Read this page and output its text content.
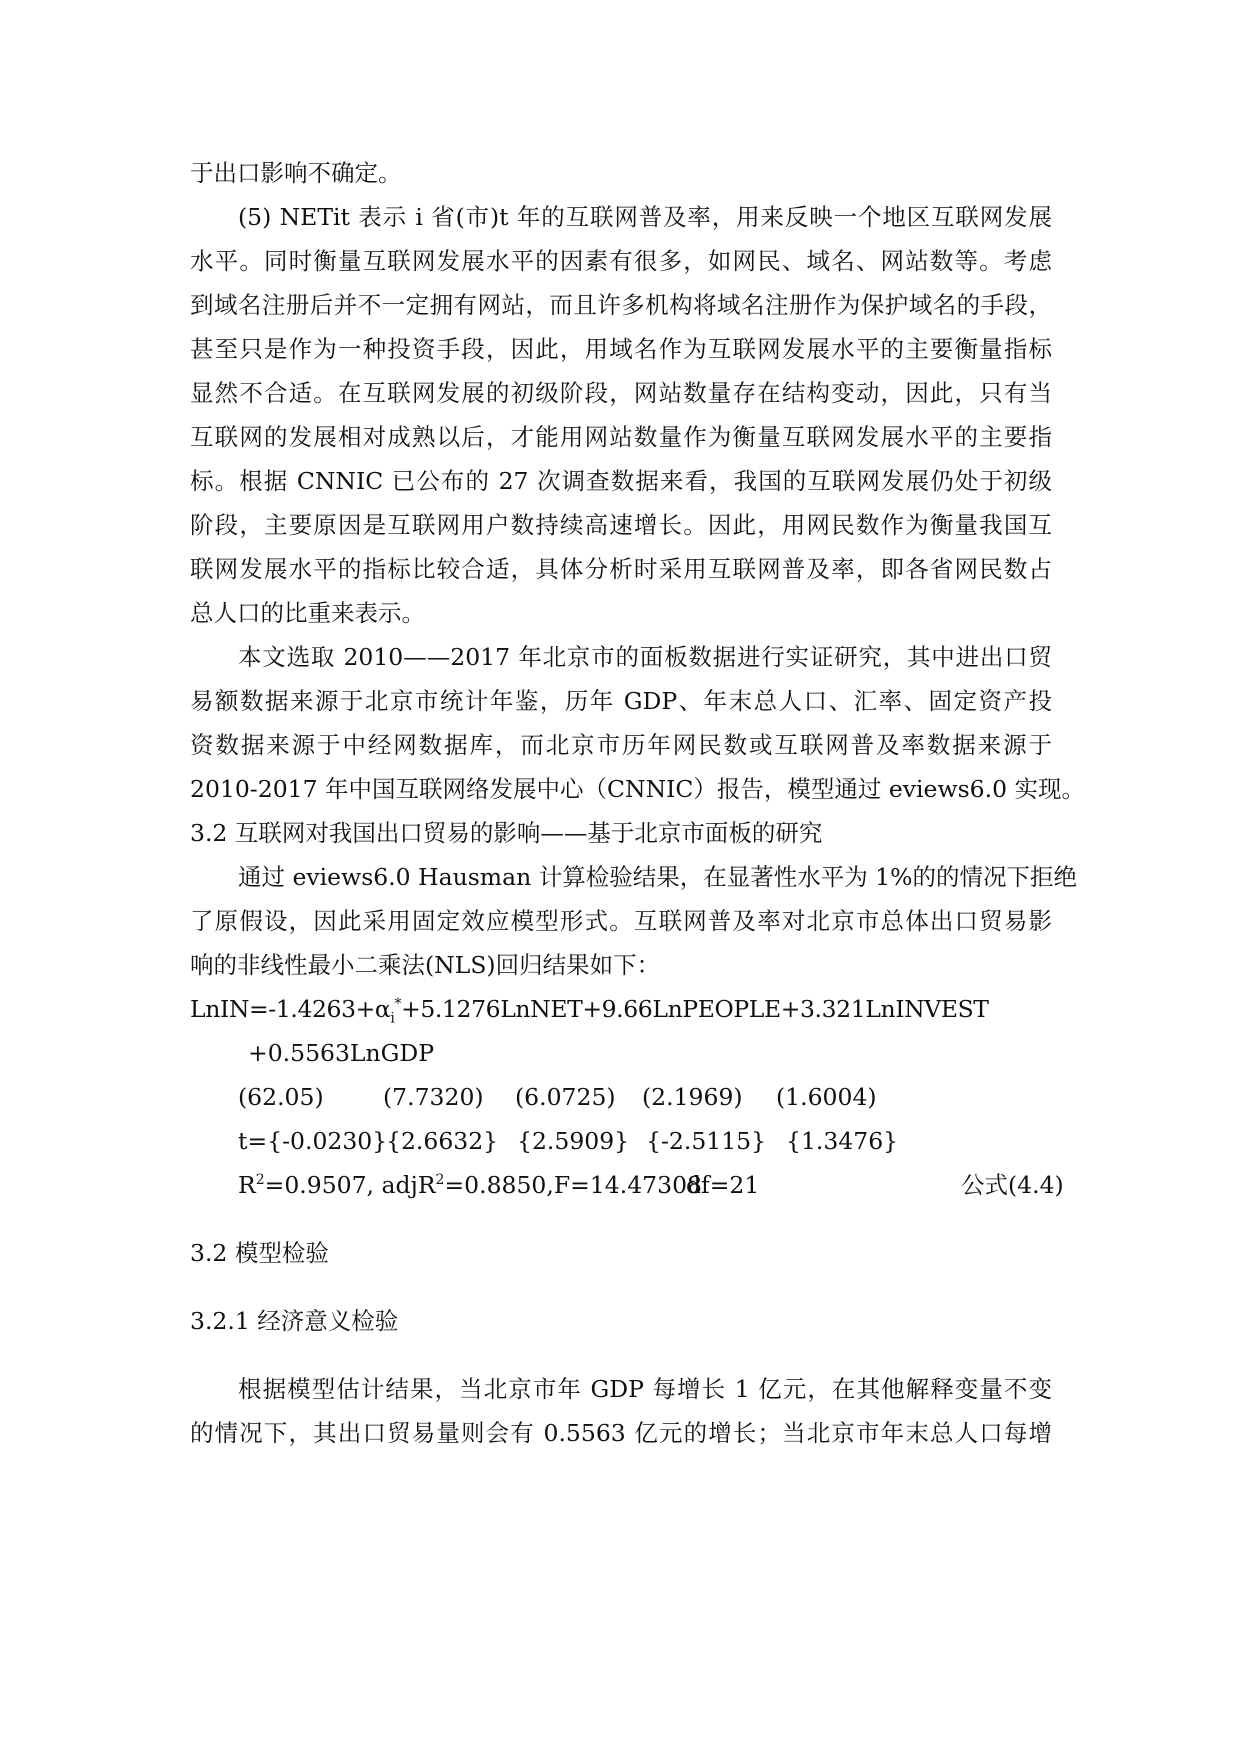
于出口影响不确定。
(5) NETit 表示 i 省(市)t 年的互联网普及率，用来反映一个地区互联网发展
水平。同时衡量互联网发展水平的因素有很多，如网民、域名、网站数等。考虑
到域名注册后并不一定拥有网站，而且许多机构将域名注册作为保护域名的手段，
甚至只是作为一种投资手段，因此，用域名作为互联网发展水平的主要衡量指标
显然不合适。在互联网发展的初级阶段，网站数量存在结构变动，因此，只有当
互联网的发展相对成熟以后，才能用网站数量作为衡量互联网发展水平的主要指
标。根据 CNNIC 已公布的 27 次调查数据来看，我国的互联网发展仍处于初级
阶段，主要原因是互联网用户数持续高速增长。因此，用网民数作为衡量我国互
联网发展水平的指标比较合适，具体分析时采用互联网普及率，即各省网民数占
总人口的比重来表示。
本文选取 2010——2017 年北京市的面板数据进行实证研究，其中进出口贸
易额数据来源于北京市统计年鉴，历年 GDP、年末总人口、汇率、固定资产投
资数据来源于中经网数据库，而北京市历年网民数或互联网普及率数据来源于
2010-2017 年中国互联网络发展中心（CNNIC）报告，模型通过 eviews6.0 实现。
3.2 互联网对我国出口贸易的影响——基于北京市面板的研究
通过 eviews6.0 Hausman 计算检验结果，在显著性水平为 1%的的情况下拒绝
了原假设，因此采用固定效应模型形式。互联网普及率对北京市总体出口贸易影
响的非线性最小二乘法(NLS)回归结果如下：
$LnIN=-1.4263+\alpha_i^*+5.1276LnNET+9.66LnPEOPLE+3.321LnINVEST$
+0.5563LnGDP
(62.05)	(7.7320) (6.0725) (2.1969) (1.6004)
t={-0.0230}
{2.6632} {2.5909} {-2.5115} {1.3476}
$R^2=0.9507$, adjR$^2$=0.8850,F=14.47308
df=21	公式(4.4)
3.2 模型检验
3.2.1 经济意义检验
根据模型估计结果，当北京市年 GDP 每增长 1 亿元，在其他解释变量不变
的情况下，其出口贸易量则会有 0.5563 亿元的增长；当北京市年末总人口每增
